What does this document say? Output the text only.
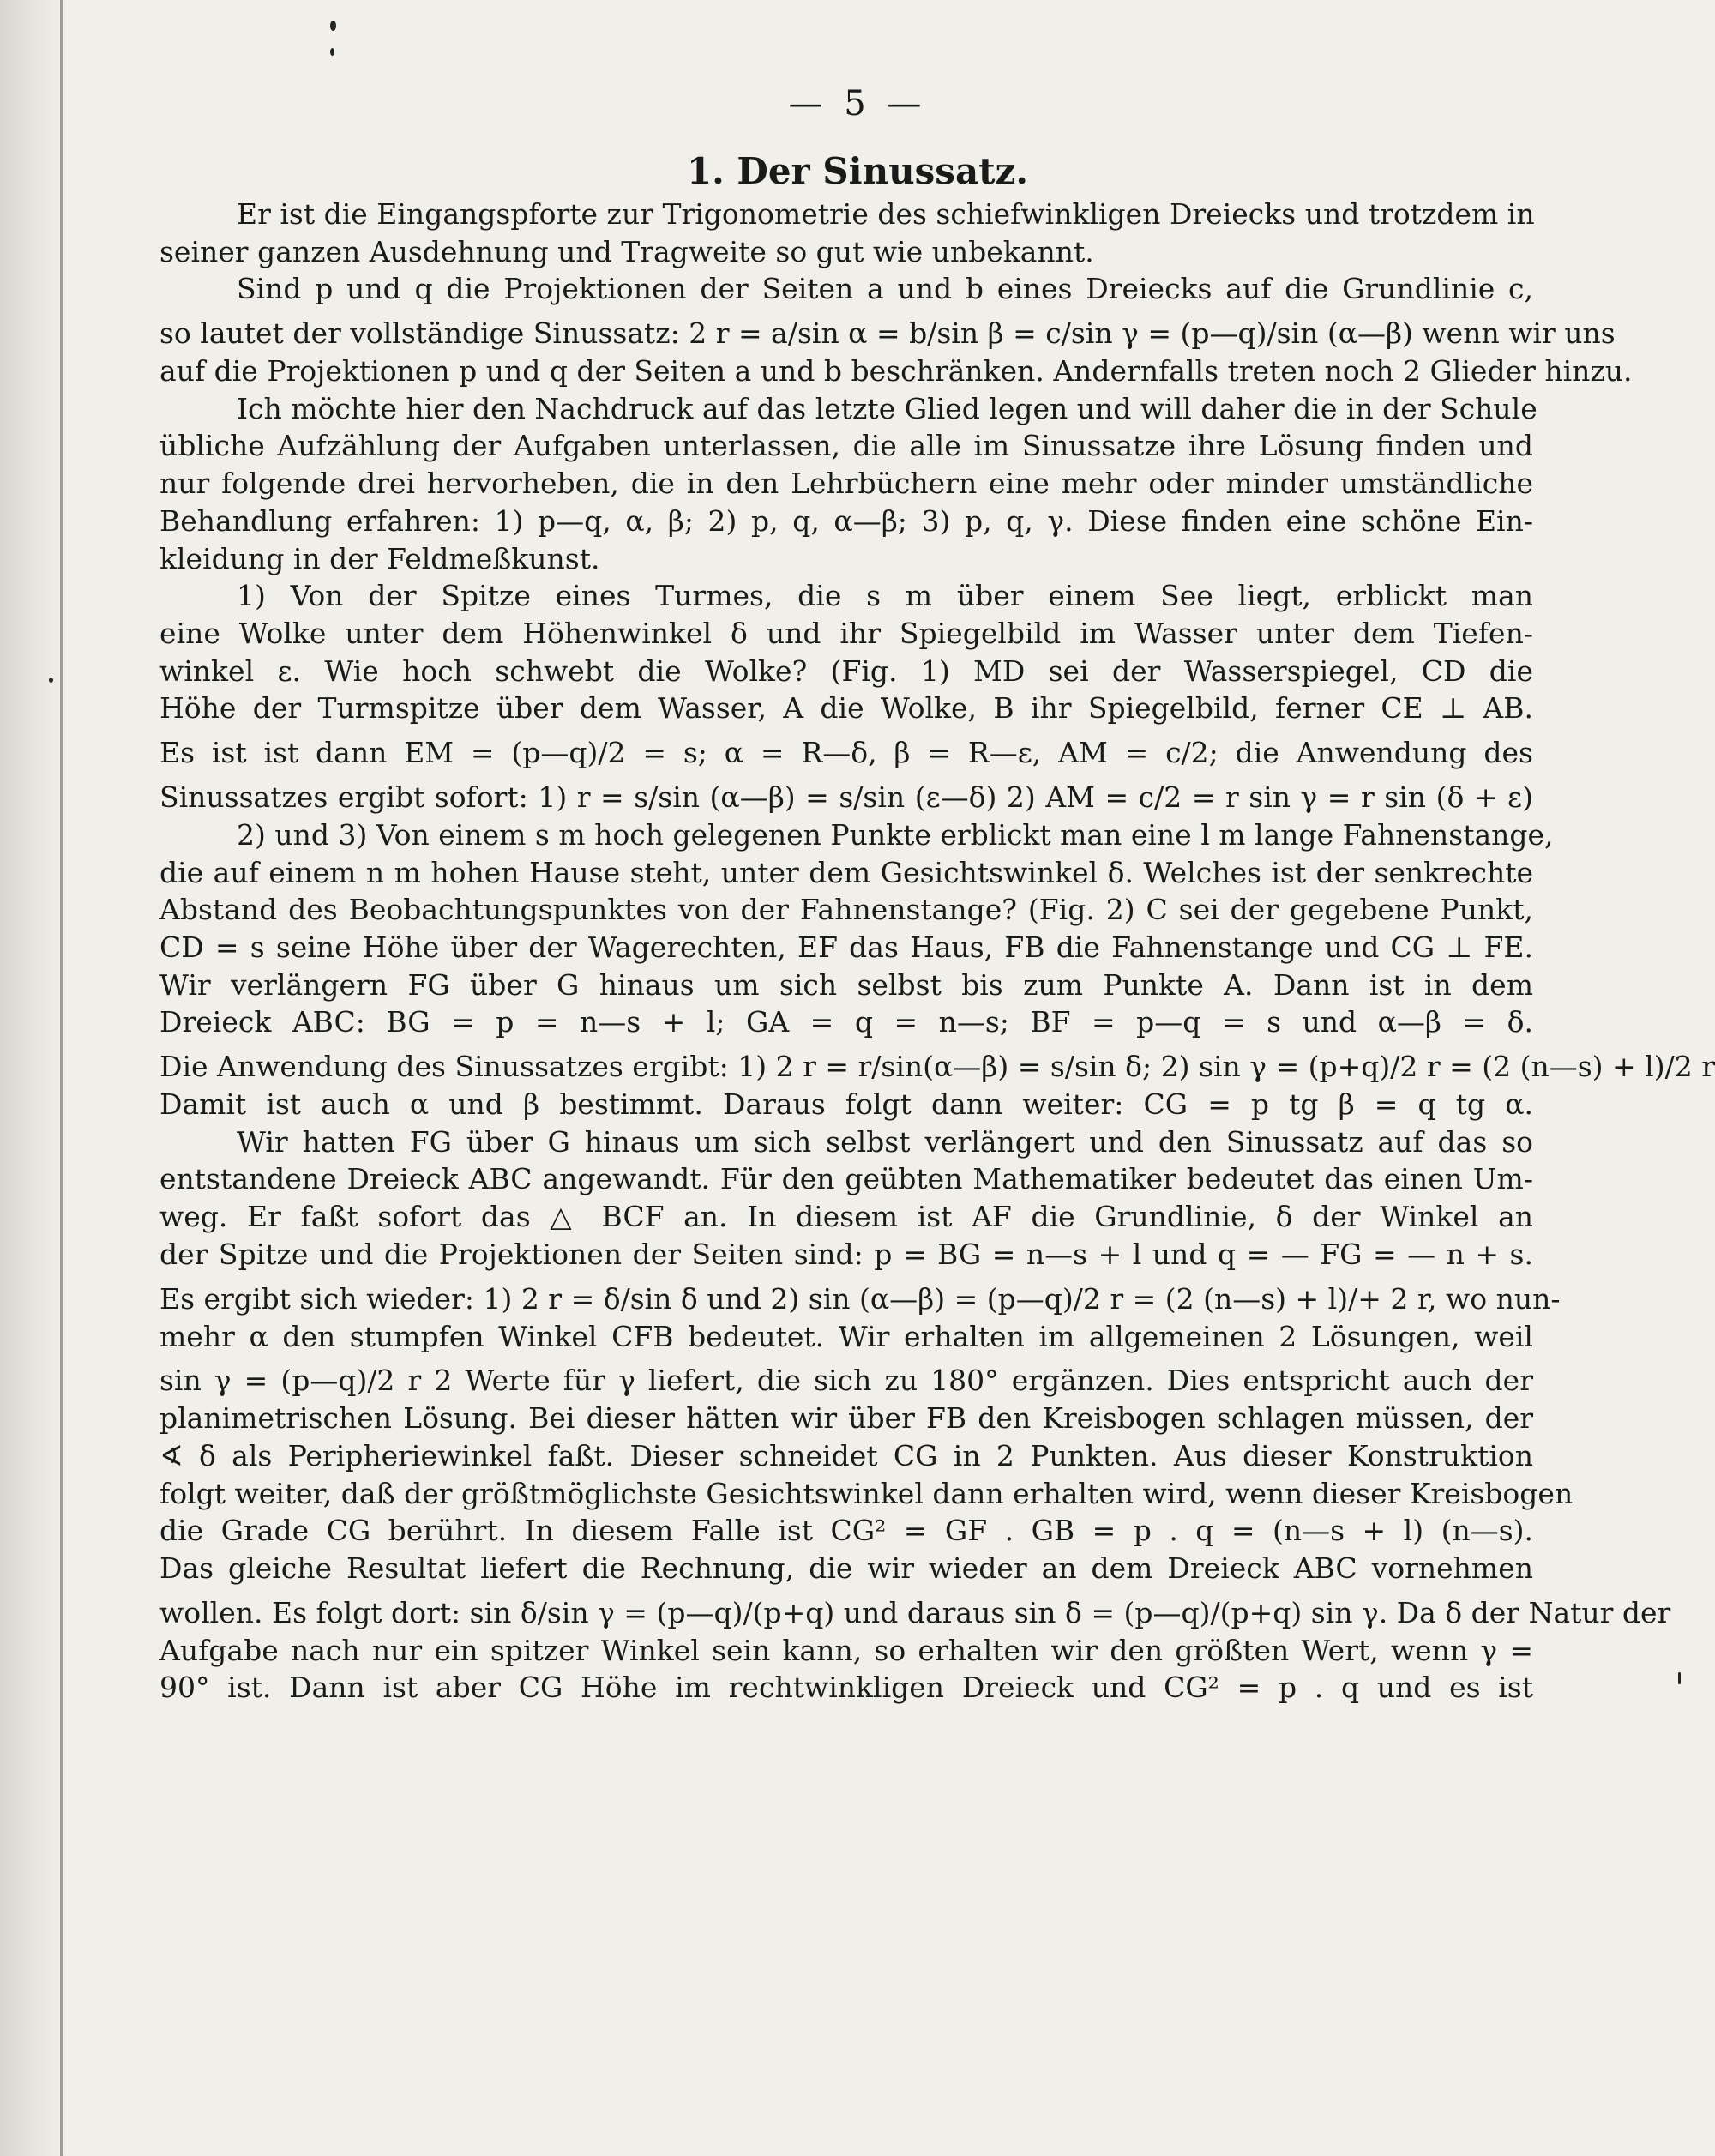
— 5 —
1. Der Sinussatz.
Er ist die Eingangspforte zur Trigonometrie des schiefwinkligen Dreiecks und trotzdem in
seiner ganzen Ausdehnung und Tragweite so gut wie unbekannt.
Sind p und q die Projektionen der Seiten a und b eines Dreiecks auf die Grundlinie c,
so lautet der vollständige Sinussatz: 2 r = a/sin α = b/sin β = c/sin γ = (p—q)/sin (α—β) wenn wir uns
auf die Projektionen p und q der Seiten a und b beschränken. Andernfalls treten noch 2 Glieder hinzu.
Ich möchte hier den Nachdruck auf das letzte Glied legen und will daher die in der Schule
übliche Aufzählung der Aufgaben unterlassen, die alle im Sinussatze ihre Lösung finden und
nur folgende drei hervorheben, die in den Lehrbüchern eine mehr oder minder umständliche
Behandlung erfahren: 1) p—q, α, β; 2) p, q, α—β; 3) p, q, γ. Diese finden eine schöne Ein-
kleidung in der Feldmeßkunst.
1) Von der Spitze eines Turmes, die s m über einem See liegt, erblickt man
eine Wolke unter dem Höhenwinkel δ und ihr Spiegelbild im Wasser unter dem Tiefen-
winkel ε. Wie hoch schwebt die Wolke? (Fig. 1) MD sei der Wasserspiegel, CD die
Höhe der Turmspitze über dem Wasser, A die Wolke, B ihr Spiegelbild, ferner CE ⊥ AB.
Es ist ist dann EM = (p—q)/2 = s; α = R—δ, β = R—ε, AM = c/2; die Anwendung des
Sinussatzes ergibt sofort: 1) r = s/sin (α—β) = s/sin (ε—δ) 2) AM = c/2 = r sin γ = r sin (δ + ε)
2) und 3) Von einem s m hoch gelegenen Punkte erblickt man eine l m lange Fahnenstange,
die auf einem n m hohen Hause steht, unter dem Gesichtswinkel δ. Welches ist der senkrechte
Abstand des Beobachtungspunktes von der Fahnenstange? (Fig. 2) C sei der gegebene Punkt,
CD = s seine Höhe über der Wagerechten, EF das Haus, FB die Fahnenstange und CG ⊥ FE.
Wir verlängern FG über G hinaus um sich selbst bis zum Punkte A. Dann ist in dem
Dreieck ABC: BG = p = n—s + l; GA = q = n—s; BF = p—q = s und α—β = δ.
Die Anwendung des Sinussatzes ergibt: 1) 2 r = r/sin(α—β) = s/sin δ; 2) sin γ = (p+q)/2 r = (2 (n—s) + l)/2 r
Damit ist auch α und β bestimmt. Daraus folgt dann weiter: CG = p tg β = q tg α.
Wir hatten FG über G hinaus um sich selbst verlängert und den Sinussatz auf das so
entstandene Dreieck ABC angewandt. Für den geübten Mathematiker bedeutet das einen Um-
weg. Er faßt sofort das △ BCF an. In diesem ist AF die Grundlinie, δ der Winkel an
der Spitze und die Projektionen der Seiten sind: p = BG = n—s + l und q = — FG = — n + s.
Es ergibt sich wieder: 1) 2 r = δ/sin δ und 2) sin (α—β) = (p—q)/2 r = (2 (n—s) + l)/+ 2 r, wo nun-
mehr α den stumpfen Winkel CFB bedeutet. Wir erhalten im allgemeinen 2 Lösungen, weil
sin γ = (p—q)/2 r 2 Werte für γ liefert, die sich zu 180° ergänzen. Dies entspricht auch der
planimetrischen Lösung. Bei dieser hätten wir über FB den Kreisbogen schlagen müssen, der
∢ δ als Peripheriewinkel faßt. Dieser schneidet CG in 2 Punkten. Aus dieser Konstruktion
folgt weiter, daß der größtmöglichste Gesichtswinkel dann erhalten wird, wenn dieser Kreisbogen
die Grade CG berührt. In diesem Falle ist CG² = GF . GB = p . q = (n—s + l) (n—s).
Das gleiche Resultat liefert die Rechnung, die wir wieder an dem Dreieck ABC vornehmen
wollen. Es folgt dort: sin δ/sin γ = (p—q)/(p+q) und daraus sin δ = (p—q)/(p+q) sin γ. Da δ der Natur der
Aufgabe nach nur ein spitzer Winkel sein kann, so erhalten wir den größten Wert, wenn γ =
90° ist. Dann ist aber CG Höhe im rechtwinkligen Dreieck und CG² = p . q und es ist
